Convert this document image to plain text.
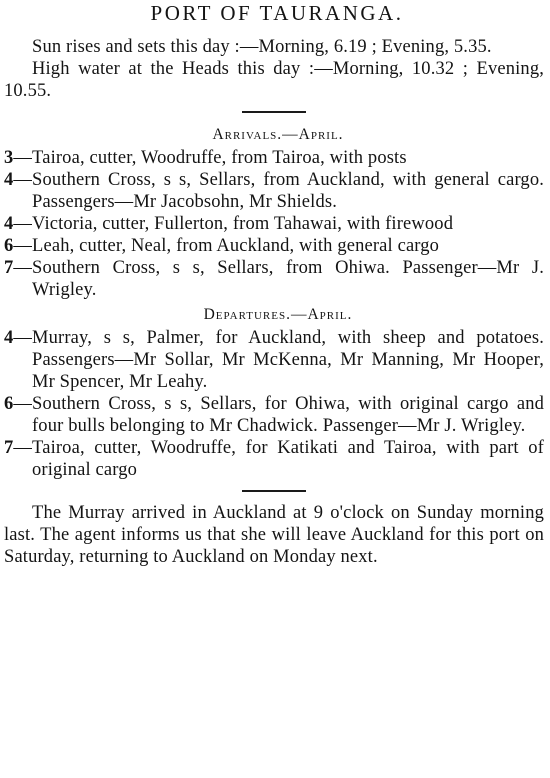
PORT OF TAURANGA.
Sun rises and sets this day :—Morning, 6.19 ; Evening, 5.35.
High water at the Heads this day :—Morning, 10.32 ; Evening, 10.55.
Arrivals.—April.
3—Tairoa, cutter, Woodruffe, from Tairoa, with posts
4—Southern Cross, s s, Sellars, from Auckland, with general cargo. Passengers—Mr Jacobsohn, Mr Shields.
4—Victoria, cutter, Fullerton, from Tahawai, with firewood
6—Leah, cutter, Neal, from Auckland, with general cargo
7—Southern Cross, s s, Sellars, from Ohiwa. Passenger—Mr J. Wrigley.
Departures.—April.
4—Murray, s s, Palmer, for Auckland, with sheep and potatoes. Passengers—Mr Sollar, Mr McKenna, Mr Manning, Mr Hooper, Mr Spencer, Mr Leahy.
6—Southern Cross, s s, Sellars, for Ohiwa, with original cargo and four bulls belonging to Mr Chadwick. Passenger—Mr J. Wrigley.
7—Tairoa, cutter, Woodruffe, for Katikati and Tairoa, with part of original cargo
The Murray arrived in Auckland at 9 o'clock on Sunday morning last. The agent informs us that she will leave Auckland for this port on Saturday, returning to Auckland on Monday next.
